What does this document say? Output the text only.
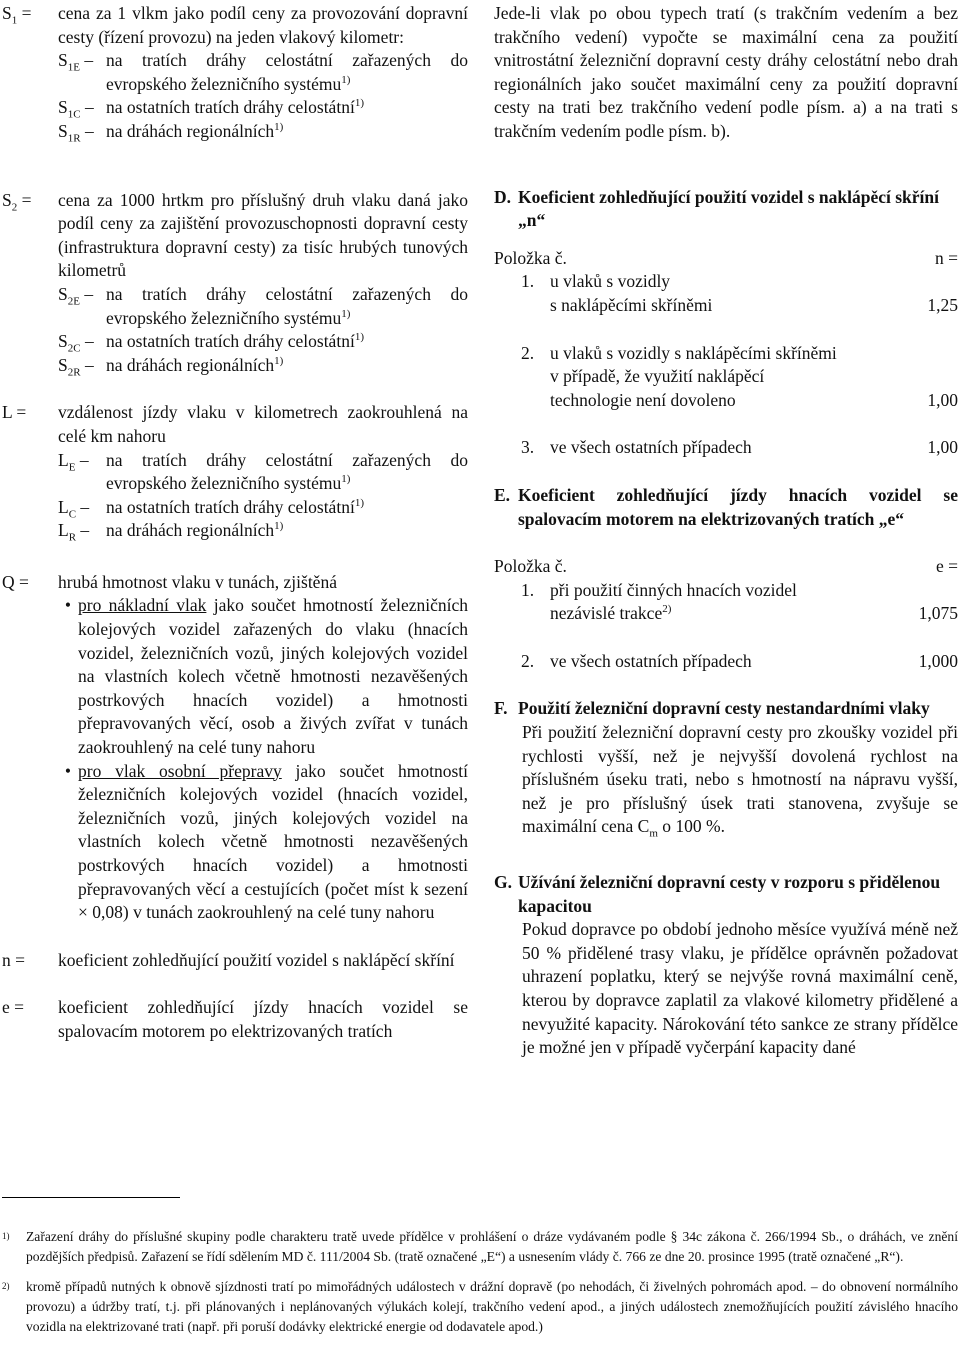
$S_1$ =	cena za 1 vlkm jako podíl ceny za provozování dopravní cesty (řízení provozu) na jeden vlakový kilometr:
$S_{1E}$ – na tratích dráhy celostátní zařazených do evropského železničního systému$^{1)}$
$S_{1C}$ – na ostatních tratích dráhy celostátní$^{1)}$
$S_{1R}$ – na dráhách regionálních$^{1)}$
$S_2$ =	cena za 1000 hrtkm pro příslušný druh vlaku daná jako podíl ceny za zajištění provozuschopnosti dopravní cesty (infrastruktura dopravní cesty) za tisíc hrubých tunových kilometrů
$S_{2E}$ – na tratích dráhy celostátní zařazených do evropského železničního systému$^{1)}$
$S_{2C}$ – na ostatních tratích dráhy celostátní$^{1)}$
$S_{2R}$ – na dráhách regionálních$^{1)}$
L =	vzdálenost jízdy vlaku v kilometrech zaokrouhlená na celé km nahoru
$L_E$ – na tratích dráhy celostátní zařazených do evropského železničního systému$^{1)}$
$L_C$ – na ostatních tratích dráhy celostátní$^{1)}$
$L_R$ – na dráhách regionálních$^{1)}$
Q =	hrubá hmotnost vlaku v tunách, zjištěná
• pro nákladní vlak jako součet hmotností železničních kolejových vozidel zařazených do vlaku (hnacích vozidel, železničních vozů, jiných kolejových vozidel na vlastních kolech včetně hmotnosti nezavěšených postrkových hnacích vozidel) a hmotnosti přepravovaných věcí, osob a živých zvířat v tunách zaokrouhlený na celé tuny nahoru
• pro vlak osobní přepravy jako součet hmotností železničních kolejových vozidel (hnacích vozidel, železničních vozů, jiných kolejových vozidel na vlastních kolech včetně hmotnosti nezavěšených postrkových hnacích vozidel) a hmotnosti přepravovaných věcí a cestujících (počet míst k sezení × 0,08) v tunách zaokrouhlený na celé tuny nahoru
n =	koeficient zohledňující použití vozidel s naklápěcí skříní
e =	koeficient zohledňující jízdy hnacích vozidel se spalovacím motorem po elektrizovaných tratích
Jede-li vlak po obou typech tratí (s trakčním vedením a bez trakčního vedení) vypočte se maximální cena za použití vnitrostátní železniční dopravní cesty dráhy celostátní nebo drah regionálních jako součet maximální ceny za použití dopravní cesty na trati bez trakčního vedení podle písm. a) a na trati s trakčním vedením podle písm. b).
D. Koeficient zohledňující použití vozidel s naklápěcí skříní „n“
Položka č.	n =
1. u vlaků s vozidly
s naklápěcími skříněmi	1,25
2. u vlaků s vozidly s naklápěcími skříněmi v případě, že využití naklápěcí technologie není dovoleno	1,00
3. ve všech ostatních případech	1,00
E. Koeficient zohledňující jízdy hnacích vozidel se spalovacím motorem na elektrizovaných tratích „e“
Položka č.	e =
1. při použití činných hnacích vozidel
nezávislé trakce$^{2)}$	1,075
2. ve všech ostatních případech	1,000
F. Použití železniční dopravní cesty nestandardními vlaky
Při použití železniční dopravní cesty pro zkoušky vozidel při rychlosti vyšší, než je nejvyšší dovolená rychlost na příslušném úseku trati, nebo s hmotností na nápravu vyšší, než je pro příslušný úsek trati stanovena, zvyšuje se maximální cena $C_m$ o 100 %.
G. Užívání železniční dopravní cesty v rozporu s přidělenou kapacitou
Pokud dopravce po období jednoho měsíce využívá méně než 50 % přidělené trasy vlaku, je přídělce oprávněn požadovat uhrazení poplatku, který se nejvýše rovná maximální ceně, kterou by dopravce zaplatil za vlakové kilometry přidělené a nevyužité kapacity. Nárokování této sankce ze strany přídělce je možné jen v případě vyčerpání kapacity dané
1)	Zařazení dráhy do příslušné skupiny podle charakteru tratě uvede přídělce v prohlášení o dráze vydávaném podle § 34c zákona č. 266/1994 Sb., o dráhách, ve znění pozdějších předpisů. Zařazení se řídí sdělením MD č. 111/2004 Sb. (tratě označené „E“) a usnesením vlády č. 766 ze dne 20. prosince 1995 (tratě označené „R“).
2)	kromě případů nutných k obnově sjízdnosti tratí po mimořádných událostech v drážní dopravě (po nehodách, či živelných pohromách apod. – do obnovení normálního provozu) a údržby tratí, t.j. při plánovaných i neplánovaných výlukách kolejí, trakčního vedení apod., a jiných událostech znemožňujících použití závislého hnacího vozidla na elektrizované trati (např. při poruší dodávky elektrické energie od dodavatele apod.)
